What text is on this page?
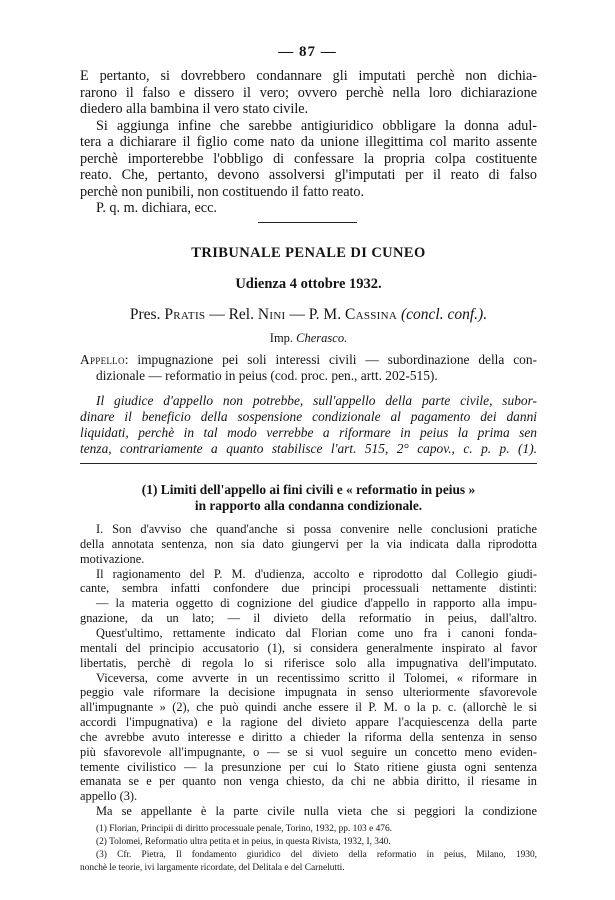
— 87 —

E pertanto, si dovrebbero condannare gli imputati perchè non dichia-

rarono il falso e dissero il vero; ovvero perchè nella loro dichiarazione

diedero alla bambina il vero stato civile.

Si aggiunga infine che sarebbe antigiuridico obbligare la donna adul-

tera a dichiarare il figlio come nato da unione illegittima col marito assente

perchè importerebbe l'obbligo di confessare la propria colpa costituente

reato. Che, pertanto, devono assolversi gl'imputati per il reato di falso

perchè non punibili, non costituendo il fatto reato.

P. q. m. dichiara, ecc.

TRIBUNALE PENALE DI CUNEO
Udienza 4 ottobre 1932.
Pres. Pratis — Rel. Nini — P. M. Cassina (concl. conf.).
Imp. Cherasco.
Appello: impugnazione pei soli interessi civili — subordinazione della con-
dizionale — reformatio in peius (cod. proc. pen., artt. 202-515).
Il giudice d'appello non potrebbe, sull'appello della parte civile, subor-
dinare il beneficio della sospensione condizionale al pagamento dei danni
liquidati, perchè in tal modo verrebbe a riformare in peius la prima sen
tenza, contrariamente a quanto stabilisce l'art. 515, 2° capov., c. p. p. (1).
(1) Limiti dell'appello ai fini civili e « reformatio in peius »
in rapporto alla condanna condizionale.
I. Son d'avviso che quand'anche si possa convenire nelle conclusioni pratiche
della annotata sentenza, non sia dato giungervi per la via indicata dalla riprodotta
motivazione.
Il ragionamento del P. M. d'udienza, accolto e riprodotto dal Collegio giudi-
cante, sembra infatti confondere due principi processuali nettamente distinti:
— la materia oggetto di cognizione del giudice d'appello in rapporto alla impu-
gnazione, da un lato; — il divieto della reformatio in peius, dall'altro.
Quest'ultimo, rettamente indicato dal Florian come uno fra i canoni fonda-
mentali del principio accusatorio (1), si considera generalmente inspirato al favor
libertatis, perchè di regola lo si riferisce solo alla impugnativa dell'imputato.
Viceversa, come avverte in un recentissimo scritto il Tolomei, « riformare in
peggio vale riformare la decisione impugnata in senso ulteriormente sfavorevole
all'impugnante » (2), che può quindi anche essere il P. M. o la p. c. (allorchè le si
accordi l'impugnativa) e la ragione del divieto appare l'acquiescenza della parte
che avrebbe avuto interesse e diritto a chieder la riforma della sentenza in senso
più sfavorevole all'impugnante, o — se si vuol seguire un concetto meno eviden-
temente civilistico — la presunzione per cui lo Stato ritiene giusta ogni sentenza
emanata se e per quanto non venga chiesto, da chi ne abbia diritto, il riesame in
appello (3).
Ma se appellante è la parte civile nulla vieta che si peggiori la condizione
(1) Florian, Principii di diritto processuale penale, Torino, 1932, pp. 103 e 476.
(2) Tolomei, Reformatio ultra petita et in peius, in questa Rivista, 1932, I, 340.
(3) Cfr. Pietra, Il fondamento giuridico del divieto della reformatio in peius, Milano, 1930,
nonchè le teorie, ivi largamente ricordate, del Delitala e del Carnelutti.
